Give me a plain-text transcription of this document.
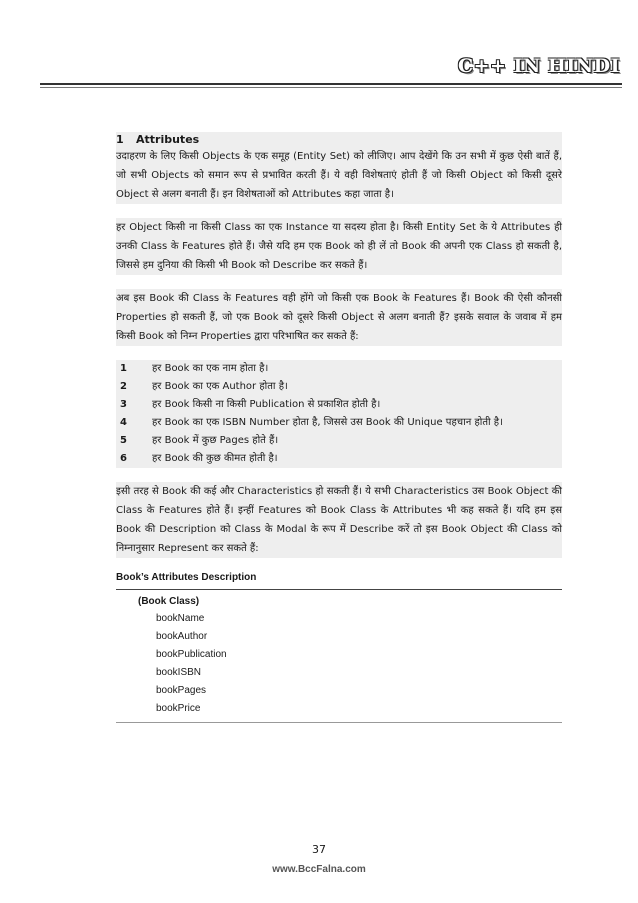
C++ IN HINDI
1 Attributes

उदाहरण के लिए किसी Objects के एक समूह (Entity Set) को लीजिए। आप देखेंगे कि उन सभी में कुछ ऐसी बातें हैं, जो सभी Objects को समान रूप से प्रभावित करती हैं। ये वही विशेषताएं होती हैं जो किसी Object को किसी दूसरे Object से अलग बनाती हैं। इन विशेषताओं को Attributes कहा जाता है।

हर Object किसी ना किसी Class का एक Instance या सदस्य होता है। किसी Entity Set के ये Attributes ही उनकी Class के Features होते हैं। जैसे यदि हम एक Book को ही लें तो Book की अपनी एक Class हो सकती है, जिससे हम दुनिया की किसी भी Book को Describe कर सकते हैं।

अब इस Book की Class के Features वही होंगे जो किसी एक Book के Features हैं। Book की ऐसी कौनसी Properties हो सकती हैं, जो एक Book को दूसरे किसी Object से अलग बनाती हैं? इसके सवाल के जवाब में हम किसी Book को निम्न Properties द्वारा परिभाषित कर सकते हैं:

1	हर Book का एक नाम होता है।
2	हर Book का एक Author होता है।
3	हर Book किसी ना किसी Publication से प्रकाशित होती है।
4	हर Book का एक ISBN Number होता है, जिससे उस Book की Unique पहचान होती है।
5	हर Book में कुछ Pages होते हैं।
6	हर Book की कुछ कीमत होती है।

इसी तरह से Book की कई और Characteristics हो सकती हैं। ये सभी Characteristics उस Book Object की Class के Features होते हैं। इन्हीं Features को Book Class के Attributes भी कह सकते हैं। यदि हम इस Book की Description को Class के Modal के रूप में Describe करें तो इस Book Object की Class को निम्नानुसार Represent कर सकते हैं:

Book’s Attributes Description
(Book Class)
bookName
bookAuthor
bookPublication
bookISBN
bookPages
bookPrice
37
www.BccFalna.com
